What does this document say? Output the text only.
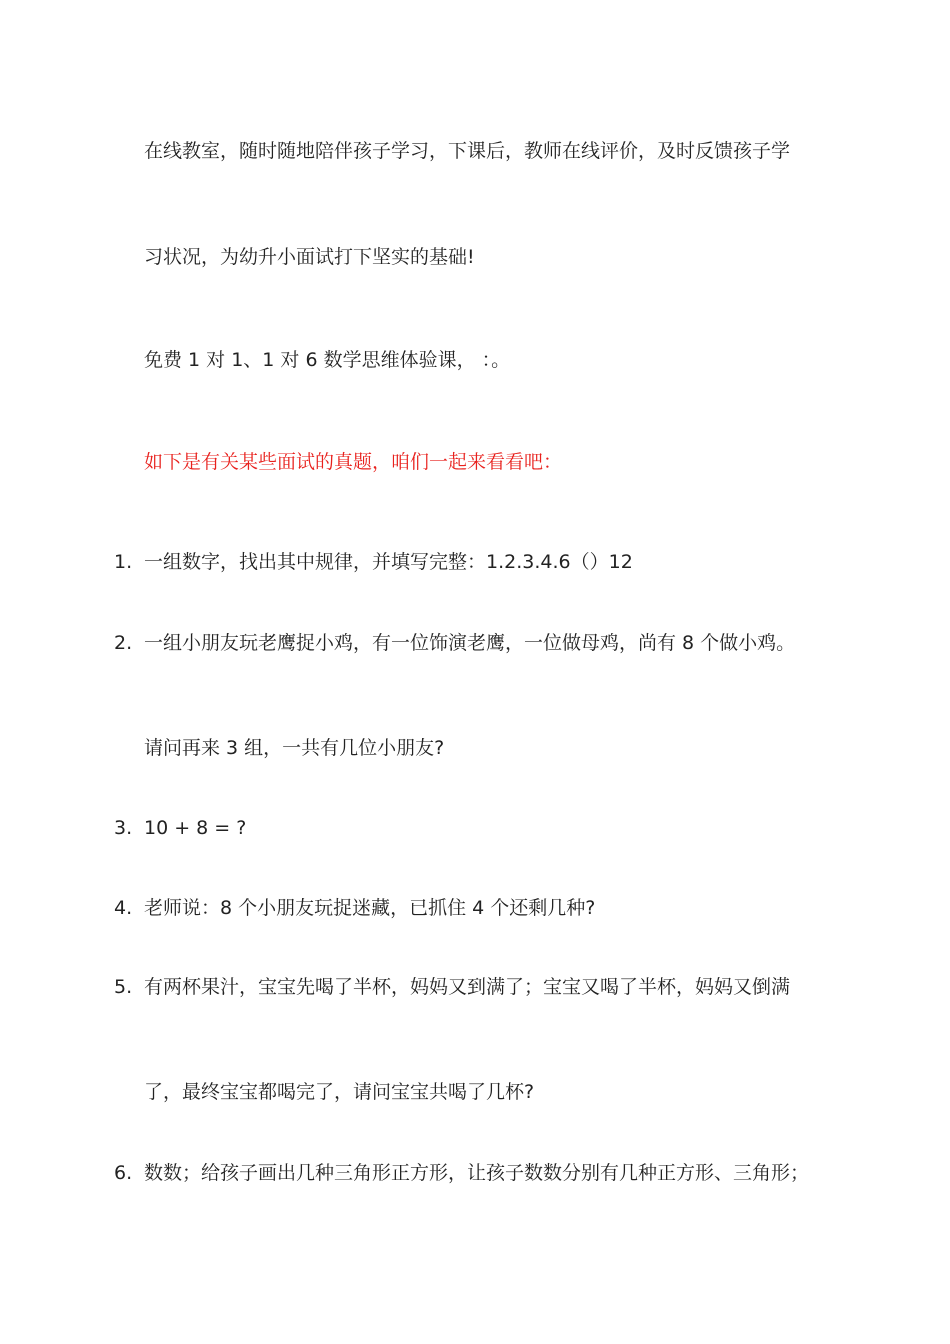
在线教室，随时随地陪伴孩子学习，下课后，教师在线评价，及时反馈孩子学
习状况，为幼升小面试打下坚实的基础!
免费 1 对 1、1 对 6 数学思维体验课， ：。
如下是有关某些面试的真题，咱们一起来看看吧：
1. 一组数字，找出其中规律，并填写完整：1.2.3.4.6（）12
2. 一组小朋友玩老鹰捉小鸡，有一位饰演老鹰，一位做母鸡，尚有 8 个做小鸡。
请问再来 3 组，一共有几位小朋友?
3. 10 + 8 = ?
4. 老师说：8 个小朋友玩捉迷藏，已抓住 4 个还剩几种?
5. 有两杯果汁，宝宝先喝了半杯，妈妈又到满了；宝宝又喝了半杯，妈妈又倒满
了，最终宝宝都喝完了，请问宝宝共喝了几杯?
6. 数数；给孩子画出几种三角形正方形，让孩子数数分别有几种正方形、三角形；
